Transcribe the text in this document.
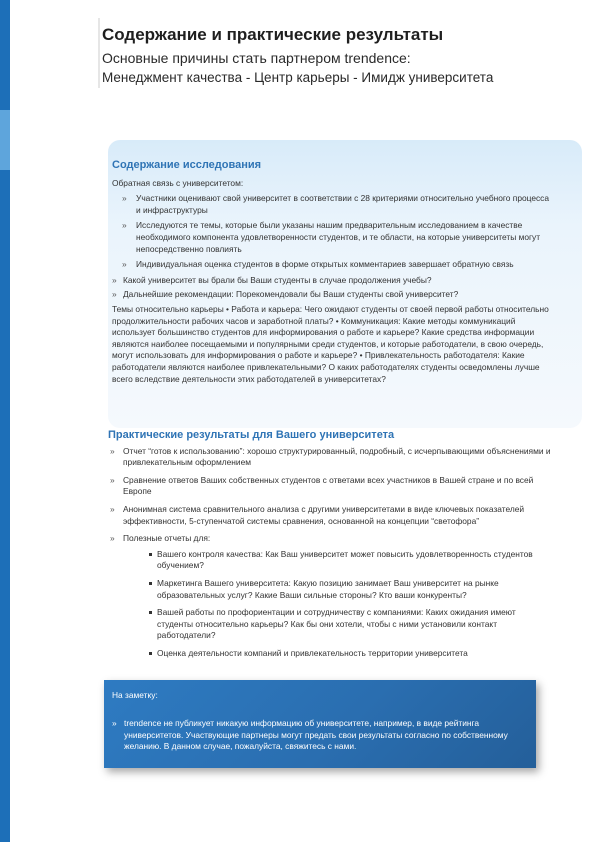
Содержание и практические результаты
Основные причины стать партнером trendence:
Менеджмент качества - Центр карьеры - Имидж университета
Содержание исследования

Обратная связь с университетом:

» Участники оценивают свой университет в соответствии с 28 критериями относительно учебного процесса и инфраструктуры
» Исследуются те темы, которые были указаны нашим предварительным исследованием в качестве необходимого компонента удовлетворенности студентов, и те области, на которые университеты могут непосредственно повлиять
» Индивидуальная оценка студентов в форме открытых комментариев завершает обратную связь
» Какой университет вы брали бы Ваши студенты в случае продолжения учебы?
» Дальнейшие рекомендации: Порекомендовали бы Ваши студенты свой университет?

Темы относительно карьеры • Работа и карьера: Чего ожидают студенты от своей первой работы относительно продолжительности рабочих часов и заработной платы? • Коммуникация: Какие методы коммуникаций использует большинство студентов для информирования о работе и карьере? Какие средства информации являются наиболее посещаемыми и популярными среди студентов, и которые работодатели, в свою очередь, могут использовать для информирования о работе и карьере? • Привлекательность работодателя: Какие работодатели являются наиболее привлекательными? О каких работодателях студенты осведомлены лучше всего вследствие деятельности этих работодателей в университетах?

Практические результаты для Вашего университета
» Отчет “готов к использованию”: хорошо структурированный, подробный, с исчерпывающими объяснениями и привлекательным оформлением
» Сравнение ответов Ваших собственных студентов с ответами всех участников в Вашей стране и по всей Европе
» Анонимная система сравнительного анализа с другими университетами в виде ключевых показателей эффективности, 5-ступенчатой системы сравнения, основанной на концепции “светофора”
» Полезные отчеты для:
Вашего контроля качества: Как Ваш университет может повысить удовлетворенность студентов обучением?
Маркетинга Вашего университета: Какую позицию занимает Ваш университет на рынке образовательных услуг? Какие Ваши сильные стороны? Кто ваши конкуренты?
Вашей работы по профориентации и сотрудничеству с компаниями: Каких ожидания имеют студенты относительно карьеры? Как бы они хотели, чтобы с ними установили контакт работодатели?
Оценка деятельности компаний и привлекательность территории университета

На заметку:

» trendence не публикует никакую информацию об университете, например, в виде рейтинга университетов. Участвующие партнеры могут предать свои результаты согласно по собственному желанию. В данном случае, пожалуйста, свяжитесь с нами.
